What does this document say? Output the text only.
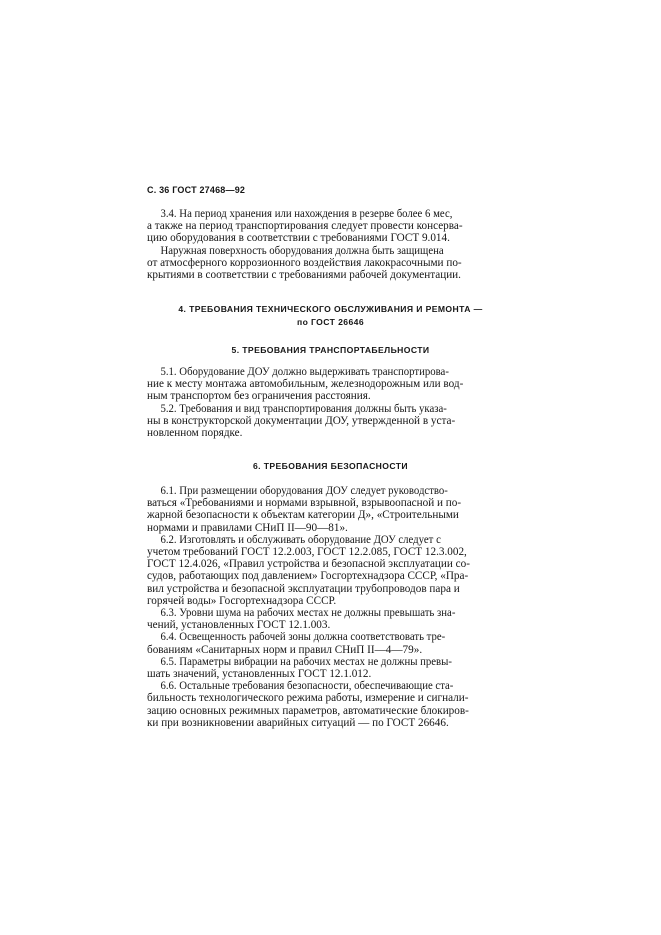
С. 36 ГОСТ 27468—92

3.4. На период хранения или нахождения в резерве более 6 мес,
а также на период транспортирования следует провести консерва-
цию оборудования в соответствии с требованиями ГОСТ 9.014.

Наружная поверхность оборудования должна быть защищена
от атмосферного коррозионного воздействия лакокрасочными по-
крытиями в соответствии с требованиями рабочей документации.

4. ТРЕБОВАНИЯ ТЕХНИЧЕСКОГО ОБСЛУЖИВАНИЯ И РЕМОНТА —
по ГОСТ 26646
5. ТРЕБОВАНИЯ ТРАНСПОРТАБЕЛЬНОСТИ

5.1. Оборудование ДОУ должно выдерживать транспортирова-
ние к месту монтажа автомобильным, железнодорожным или вод-
ным транспортом без ограничения расстояния.

5.2. Требования и вид транспортирования должны быть указа-
ны в конструкторской документации ДОУ, утвержденной в уста-
новленном порядке.

6. ТРЕБОВАНИЯ БЕЗОПАСНОСТИ

6.1. При размещении оборудования ДОУ следует руководство-
ваться «Требованиями и нормами взрывной, взрывоопасной и по-
жарной безопасности к объектам категории Д», «Строительными
нормами и правилами СНиП II—90—81».

6.2. Изготовлять и обслуживать оборудование ДОУ следует с
учетом требований ГОСТ 12.2.003, ГОСТ 12.2.085, ГОСТ 12.3.002,
ГОСТ 12.4.026, «Правил устройства и безопасной эксплуатации со-
судов, работающих под давлением» Госгортехнадзора СССР, «Пра-
вил устройства и безопасной эксплуатации трубопроводов пара и
горячей воды» Госгортехнадзора СССР.

6.3. Уровни шума на рабочих местах не должны превышать зна-
чений, установленных ГОСТ 12.1.003.

6.4. Освещенность рабочей зоны должна соответствовать тре-
бованиям «Санитарных норм и правил СНиП II—4—79».

6.5. Параметры вибрации на рабочих местах не должны превы-
шать значений, установленных ГОСТ 12.1.012.

6.6. Остальные требования безопасности, обеспечивающие ста-
бильность технологического режима работы, измерение и сигнали-
зацию основных режимных параметров, автоматические блокиров-
ки при возникновении аварийных ситуаций — по ГОСТ 26646.
